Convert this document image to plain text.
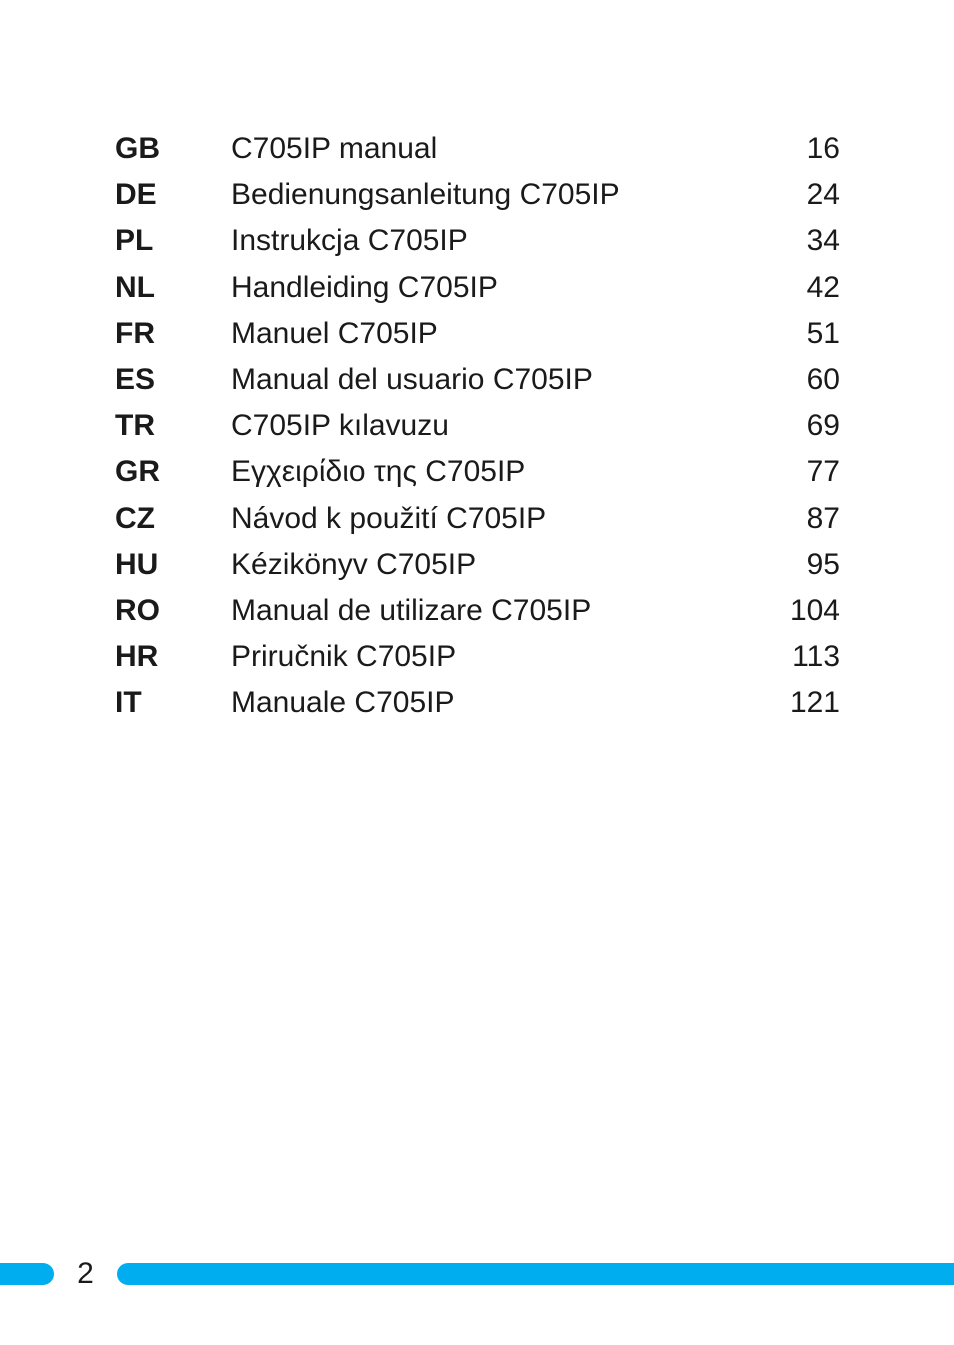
GB	C705IP manual	16
DE	Bedienungsanleitung C705IP	24
PL	Instrukcja C705IP	34
NL	Handleiding C705IP	42
FR	Manuel C705IP	51
ES	Manual del usuario C705IP	60
TR	C705IP kılavuzu	69
GR	Εγχειρίδιο της C705IP	77
CZ	Návod k použití C705IP	87
HU	Kézikönyv C705IP	95
RO	Manual de utilizare C705IP	104
HR	Priručnik C705IP	113
IT	Manuale C705IP	121
2
